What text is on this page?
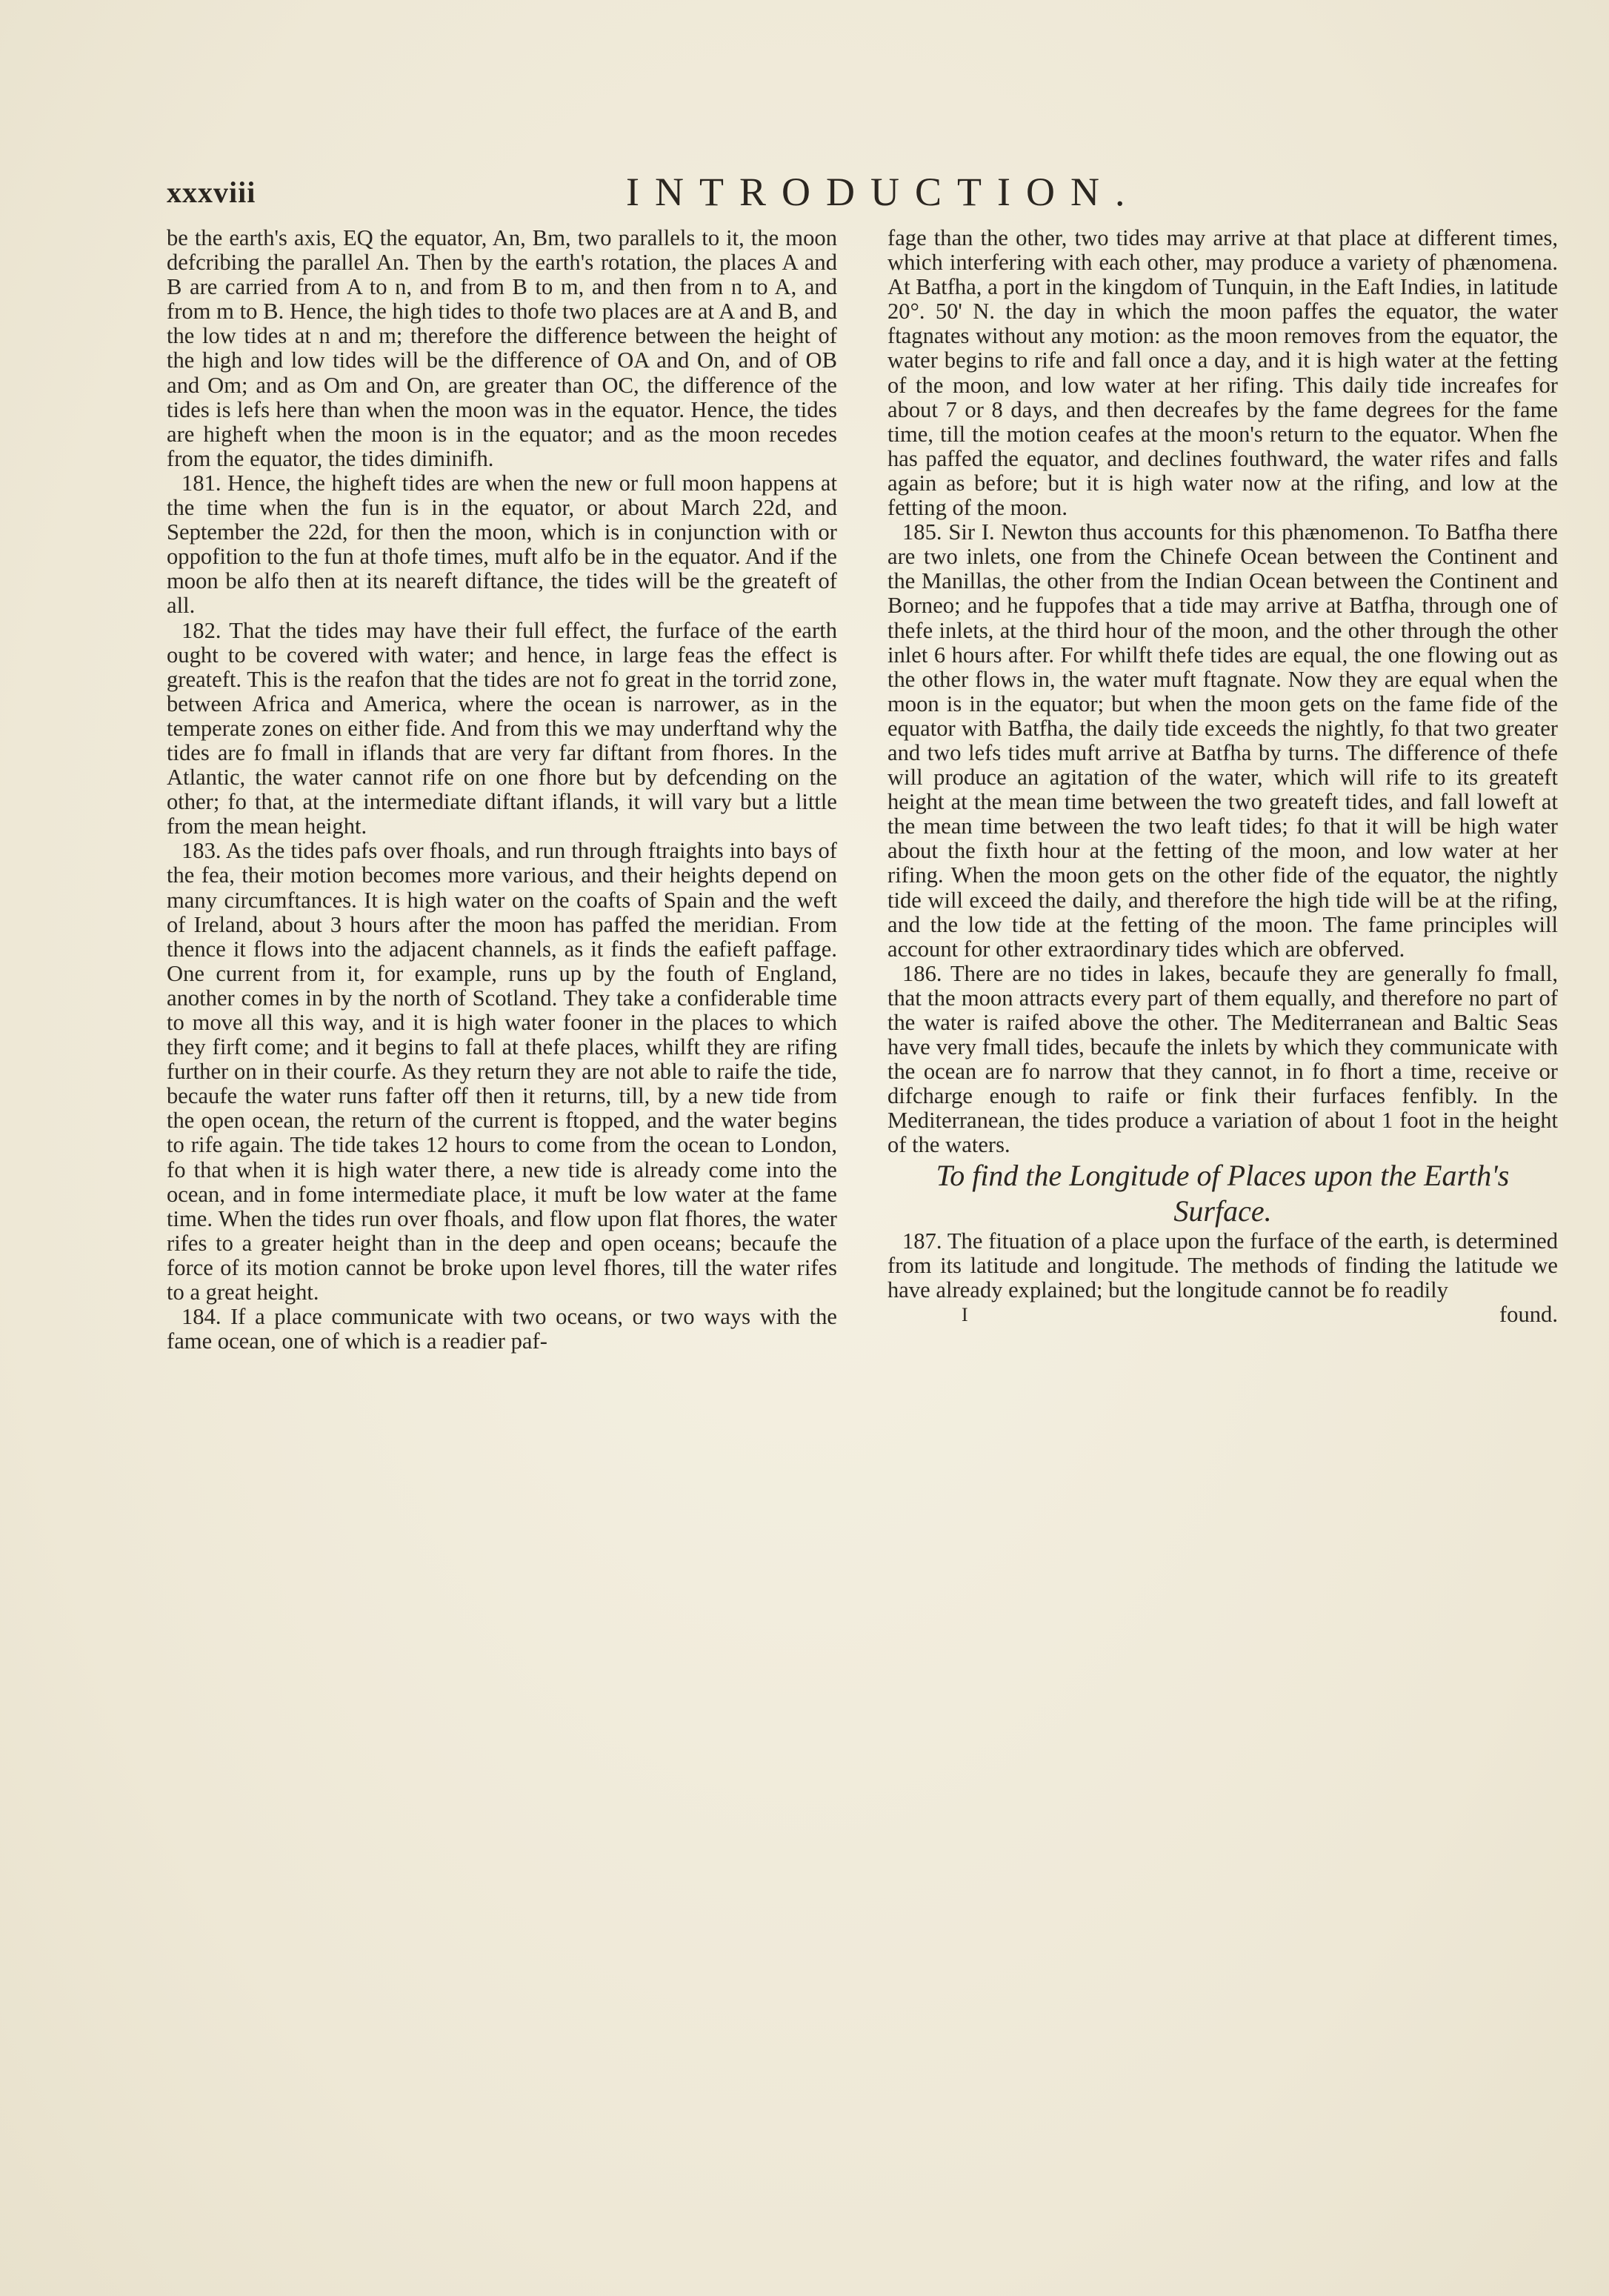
xxxviii	INTRODUCTION.

be the earth's axis, EQ the equator, An, Bm, two parallels to it, the moon defcribing the parallel An. Then by the earth's rotation, the places A and B are carried from A to n, and from B to m, and then from n to A, and from m to B. Hence, the high tides to thofe two places are at A and B, and the low tides at n and m; therefore the difference between the height of the high and low tides will be the difference of OA and On, and of OB and Om; and as Om and On, are greater than OC, the difference of the tides is lefs here than when the moon was in the equator. Hence, the tides are higheft when the moon is in the equator; and as the moon recedes from the equator, the tides diminifh.

181. Hence, the higheft tides are when the new or full moon happens at the time when the fun is in the equator, or about March 22d, and September the 22d, for then the moon, which is in conjunction with or oppofition to the fun at thofe times, muft alfo be in the equator. And if the moon be alfo then at its neareft diftance, the tides will be the greateft of all.

182. That the tides may have their full effect, the furface of the earth ought to be covered with water; and hence, in large feas the effect is greateft. This is the reafon that the tides are not fo great in the torrid zone, between Africa and America, where the ocean is narrower, as in the temperate zones on either fide. And from this we may underftand why the tides are fo fmall in iflands that are very far diftant from fhores. In the Atlantic, the water cannot rife on one fhore but by defcending on the other; fo that, at the intermediate diftant iflands, it will vary but a little from the mean height.

183. As the tides pafs over fhoals, and run through ftraights into bays of the fea, their motion becomes more various, and their heights depend on many circumftances. It is high water on the coafts of Spain and the weft of Ireland, about 3 hours after the moon has paffed the meridian. From thence it flows into the adjacent channels, as it finds the eafieft paffage. One current from it, for example, runs up by the fouth of England, another comes in by the north of Scotland. They take a confiderable time to move all this way, and it is high water fooner in the places to which they firft come; and it begins to fall at thefe places, whilft they are rifing further on in their courfe. As they return they are not able to raife the tide, becaufe the water runs fafter off then it returns, till, by a new tide from the open ocean, the return of the current is ftopped, and the water begins to rife again. The tide takes 12 hours to come from the ocean to London, fo that when it is high water there, a new tide is already come into the ocean, and in fome intermediate place, it muft be low water at the fame time. When the tides run over fhoals, and flow upon flat fhores, the water rifes to a greater height than in the deep and open oceans; becaufe the force of its motion cannot be broke upon level fhores, till the water rifes to a great height.

184. If a place communicate with two oceans, or two ways with the fame ocean, one of which is a readier paf-

fage than the other, two tides may arrive at that place at different times, which interfering with each other, may produce a variety of phænomena. At Batfha, a port in the kingdom of Tunquin, in the Eaft Indies, in latitude 20°. 50' N. the day in which the moon paffes the equator, the water ftagnates without any motion: as the moon removes from the equator, the water begins to rife and fall once a day, and it is high water at the fetting of the moon, and low water at her rifing. This daily tide increafes for about 7 or 8 days, and then decreafes by the fame degrees for the fame time, till the motion ceafes at the moon's return to the equator. When fhe has paffed the equator, and declines fouthward, the water rifes and falls again as before; but it is high water now at the rifing, and low at the fetting of the moon.

185. Sir I. Newton thus accounts for this phænomenon. To Batfha there are two inlets, one from the Chinefe Ocean between the Continent and the Manillas, the other from the Indian Ocean between the Continent and Borneo; and he fuppofes that a tide may arrive at Batfha, through one of thefe inlets, at the third hour of the moon, and the other through the other inlet 6 hours after. For whilft thefe tides are equal, the one flowing out as the other flows in, the water muft ftagnate. Now they are equal when the moon is in the equator; but when the moon gets on the fame fide of the equator with Batfha, the daily tide exceeds the nightly, fo that two greater and two lefs tides muft arrive at Batfha by turns. The difference of thefe will produce an agitation of the water, which will rife to its greateft height at the mean time between the two greateft tides, and fall loweft at the mean time between the two leaft tides; fo that it will be high water about the fixth hour at the fetting of the moon, and low water at her rifing. When the moon gets on the other fide of the equator, the nightly tide will exceed the daily, and therefore the high tide will be at the rifing, and the low tide at the fetting of the moon. The fame principles will account for other extraordinary tides which are obferved.

186. There are no tides in lakes, becaufe they are generally fo fmall, that the moon attracts every part of them equally, and therefore no part of the water is raifed above the other. The Mediterranean and Baltic Seas have very fmall tides, becaufe the inlets by which they communicate with the ocean are fo narrow that they cannot, in fo fhort a time, receive or difcharge enough to raife or fink their furfaces fenfibly. In the Mediterranean, the tides produce a variation of about 1 foot in the height of the waters.

To find the Longitude of Places upon the Earth's Surface.

187. The fituation of a place upon the furface of the earth, is determined from its latitude and longitude. The methods of finding the latitude we have already explained; but the longitude cannot be fo readily

I	found.
